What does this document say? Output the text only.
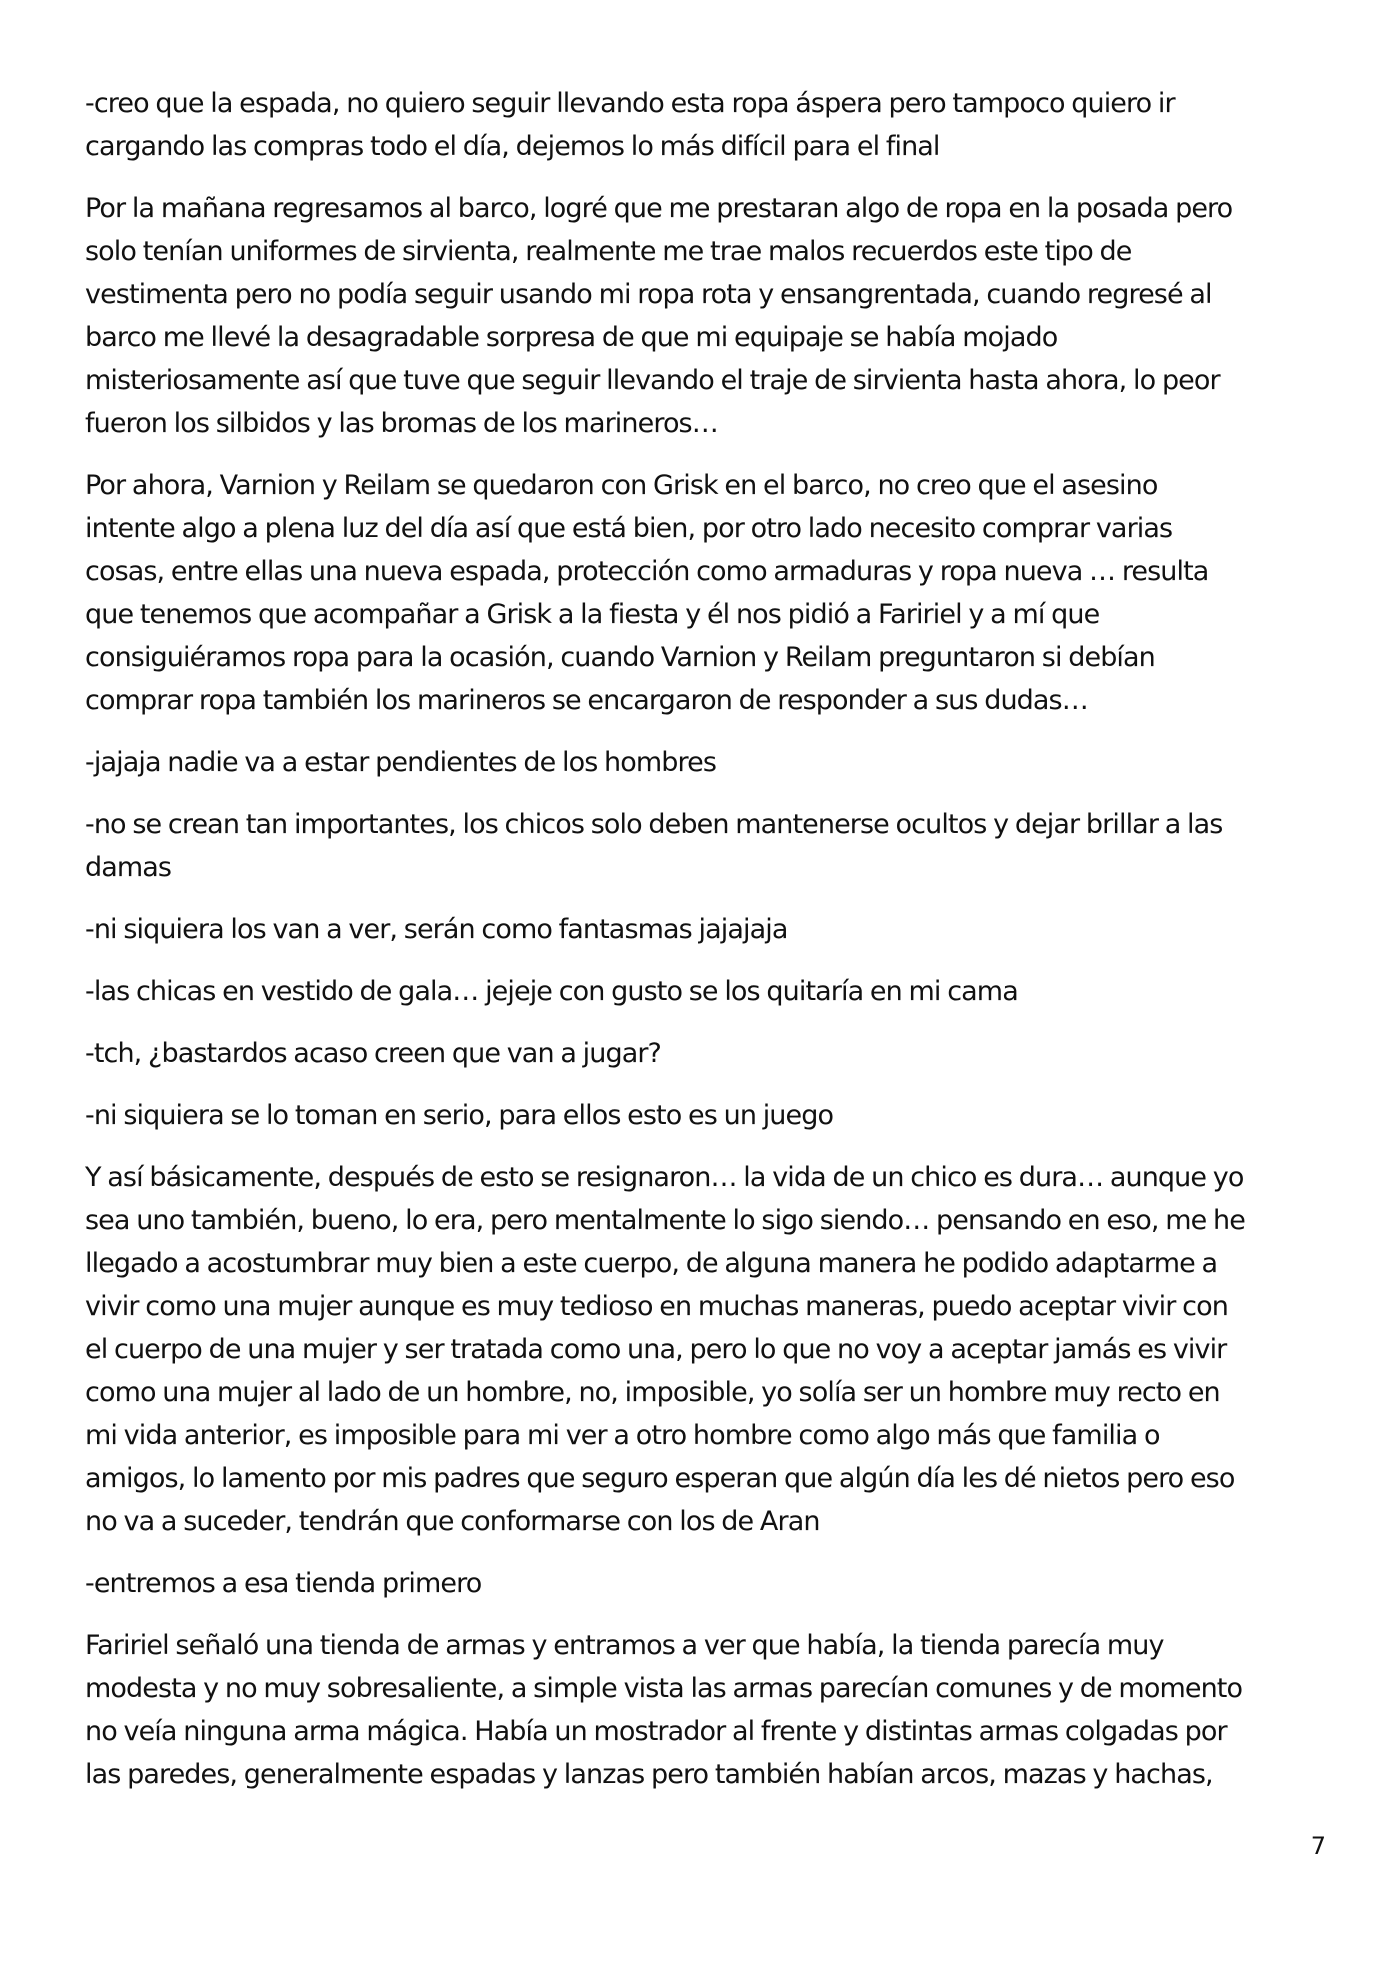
-creo que la espada, no quiero seguir llevando esta ropa áspera pero tampoco quiero ir
cargando las compras todo el día, dejemos lo más difícil para el final
Por la mañana regresamos al barco, logré que me prestaran algo de ropa en la posada pero
solo tenían uniformes de sirvienta, realmente me trae malos recuerdos este tipo de
vestimenta pero no podía seguir usando mi ropa rota y ensangrentada, cuando regresé al
barco me llevé la desagradable sorpresa de que mi equipaje se había mojado
misteriosamente así que tuve que seguir llevando el traje de sirvienta hasta ahora, lo peor
fueron los silbidos y las bromas de los marineros…
Por ahora, Varnion y Reilam se quedaron con Grisk en el barco, no creo que el asesino
intente algo a plena luz del día así que está bien, por otro lado necesito comprar varias
cosas, entre ellas una nueva espada, protección como armaduras y ropa nueva … resulta
que tenemos que acompañar a Grisk a la fiesta y él nos pidió a Faririel y a mí que
consiguiéramos ropa para la ocasión, cuando Varnion y Reilam preguntaron si debían
comprar ropa también los marineros se encargaron de responder a sus dudas…
-jajaja nadie va a estar pendientes de los hombres
-no se crean tan importantes, los chicos solo deben mantenerse ocultos y dejar brillar a las
damas
-ni siquiera los van a ver, serán como fantasmas jajajaja
-las chicas en vestido de gala… jejeje con gusto se los quitaría en mi cama
-tch, ¿bastardos acaso creen que van a jugar?
-ni siquiera se lo toman en serio, para ellos esto es un juego
Y así básicamente, después de esto se resignaron… la vida de un chico es dura… aunque yo
sea uno también, bueno, lo era, pero mentalmente lo sigo siendo… pensando en eso, me he
llegado a acostumbrar muy bien a este cuerpo, de alguna manera he podido adaptarme a
vivir como una mujer aunque es muy tedioso en muchas maneras, puedo aceptar vivir con
el cuerpo de una mujer y ser tratada como una, pero lo que no voy a aceptar jamás es vivir
como una mujer al lado de un hombre, no, imposible, yo solía ser un hombre muy recto en
mi vida anterior, es imposible para mi ver a otro hombre como algo más que familia o
amigos, lo lamento por mis padres que seguro esperan que algún día les dé nietos pero eso
no va a suceder, tendrán que conformarse con los de Aran
-entremos a esa tienda primero
Faririel señaló una tienda de armas y entramos a ver que había, la tienda parecía muy
modesta y no muy sobresaliente, a simple vista las armas parecían comunes y de momento
no veía ninguna arma mágica. Había un mostrador al frente y distintas armas colgadas por
las paredes, generalmente espadas y lanzas pero también habían arcos, mazas y hachas,
7
